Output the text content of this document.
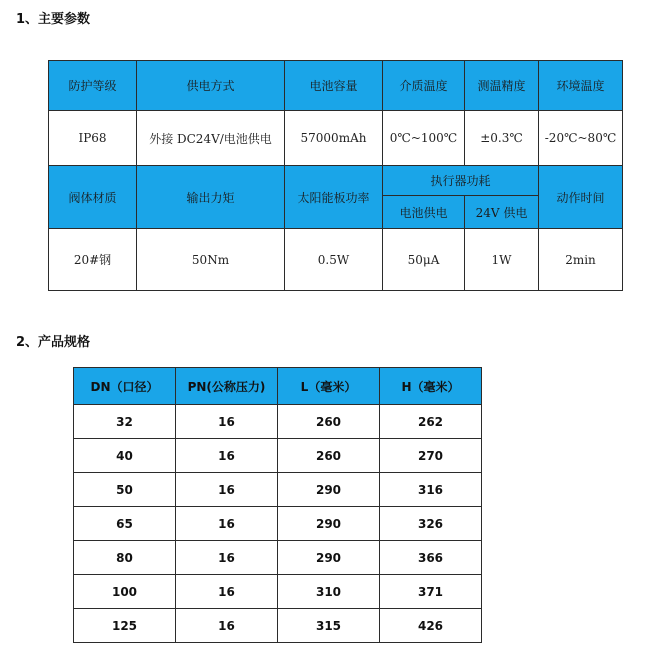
1、主要参数
防护等级	供电方式	电池容量	介质温度	测温精度	环境温度
IP68	外接 DC24V/电池供电	57000mAh	0℃~100℃	±0.3℃	-20℃~80℃
阀体材质	输出力矩	太阳能板功率	执行器功耗		动作时间
			电池供电	24V 供电	
20#钢	50Nm	0.5W	50μA	1W	2min
2、产品规格
DN（口径）	PN(公称压力)	L（毫米）	H（毫米）
32	16	260	262
40	16	260	270
50	16	290	316
65	16	290	326
80	16	290	366
100	16	310	371
125	16	315	426
